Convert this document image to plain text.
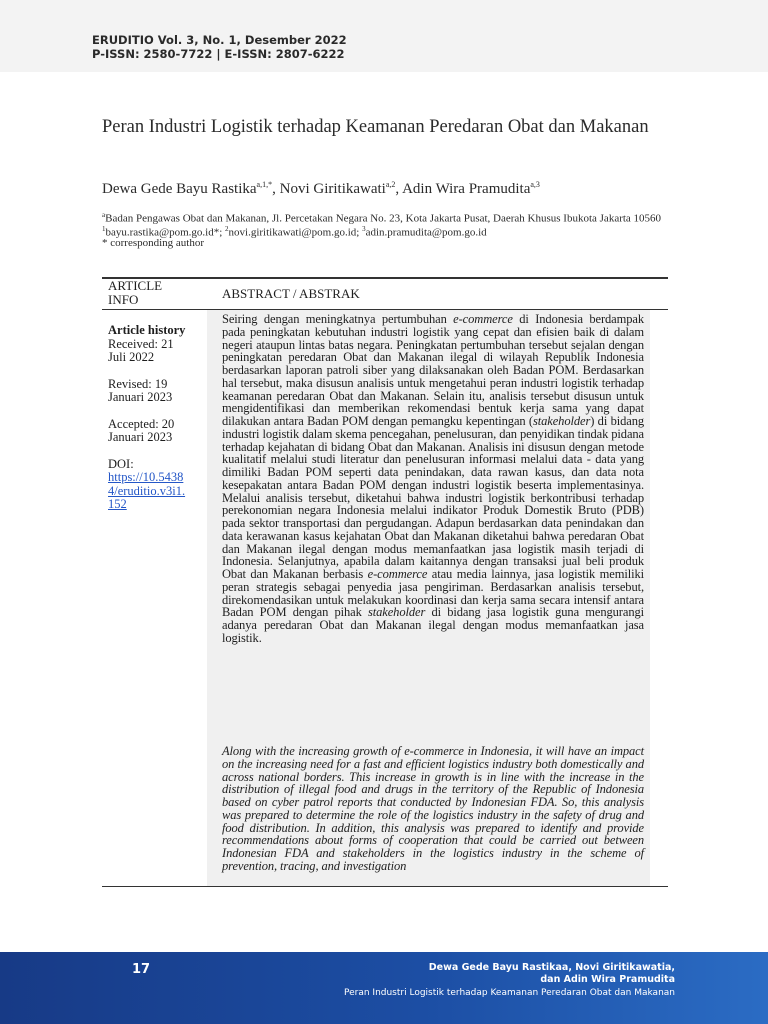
ERUDITIO Vol. 3, No. 1, Desember 2022
P-ISSN: 2580-7722 | E-ISSN: 2807-6222
Peran Industri Logistik terhadap Keamanan Peredaran Obat dan Makanan
Dewa Gede Bayu Rastika$^{a,1,*}$, Novi Giritikawati$^{a,2}$, Adin Wira Pramudita$^{a,3}$
$^a$Badan Pengawas Obat dan Makanan, Jl. Percetakan Negara No. 23, Kota Jakarta Pusat, Daerah Khusus Ibukota Jakarta 10560
$^1$bayu.rastika@pom.go.id*; $^2$novi.giritikawati@pom.go.id; $^3$adin.pramudita@pom.go.id
* corresponding author
ARTICLE INFO	ABSTRACT / ABSTRAK

Article history
Received: 21 Juli 2022

Revised: 19 Januari 2023

Accepted: 20 Januari 2023

DOI:
https://10.54384/eruditio.v3i1.152

Seiring dengan meningkatnya pertumbuhan e-commerce di Indonesia berdampak pada peningkatan kebutuhan industri logistik yang cepat dan efisien baik di dalam negeri ataupun lintas batas negara. Peningkatan pertumbuhan tersebut sejalan dengan peningkatan peredaran Obat dan Makanan ilegal di wilayah Republik Indonesia berdasarkan laporan patroli siber yang dilaksanakan oleh Badan POM. Berdasarkan hal tersebut, maka disusun analisis untuk mengetahui peran industri logistik terhadap keamanan peredaran Obat dan Makanan. Selain itu, analisis tersebut disusun untuk mengidentifikasi dan memberikan rekomendasi bentuk kerja sama yang dapat dilakukan antara Badan POM dengan pemangku kepentingan (stakeholder) di bidang industri logistik dalam skema pencegahan, penelusuran, dan penyidikan tindak pidana terhadap kejahatan di bidang Obat dan Makanan. Analisis ini disusun dengan metode kualitatif melalui studi literatur dan penelusuran informasi melalui data - data yang dimiliki Badan POM seperti data penindakan, data rawan kasus, dan data nota kesepakatan antara Badan POM dengan industri logistik beserta implementasinya. Melalui analisis tersebut, diketahui bahwa industri logistik berkontribusi terhadap perekonomian negara Indonesia melalui indikator Produk Domestik Bruto (PDB) pada sektor transportasi dan pergudangan. Adapun berdasarkan data penindakan dan data kerawanan kasus kejahatan Obat dan Makanan diketahui bahwa peredaran Obat dan Makanan ilegal dengan modus memanfaatkan jasa logistik masih terjadi di Indonesia. Selanjutnya, apabila dalam kaitannya dengan transaksi jual beli produk Obat dan Makanan berbasis e-commerce atau media lainnya, jasa logistik memiliki peran strategis sebagai penyedia jasa pengiriman. Berdasarkan analisis tersebut, direkomendasikan untuk melakukan koordinasi dan kerja sama secara intensif antara Badan POM dengan pihak stakeholder di bidang jasa logistik guna mengurangi adanya peredaran Obat dan Makanan ilegal dengan modus memanfaatkan jasa logistik.
Along with the increasing growth of e-commerce in Indonesia, it will have an impact on the increasing need for a fast and efficient logistics industry both domestically and across national borders. This increase in growth is in line with the increase in the distribution of illegal food and drugs in the territory of the Republic of Indonesia based on cyber patrol reports that conducted by Indonesian FDA. So, this analysis was prepared to determine the role of the logistics industry in the safety of drug and food distribution. In addition, this analysis was prepared to identify and provide recommendations about forms of cooperation that could be carried out between Indonesian FDA and stakeholders in the logistics industry in the scheme of prevention, tracing, and investigation
17	Dewa Gede Bayu Rastikaa, Novi Giritikawatia,
dan Adin Wira Pramudita
Peran Industri Logistik terhadap Keamanan Peredaran Obat dan Makanan
